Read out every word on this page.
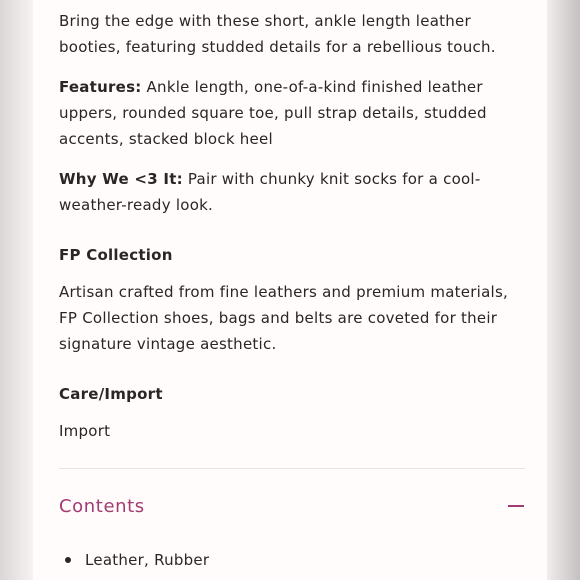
Bring the edge with these short, ankle length leather booties, featuring studded details for a rebellious touch.

Features: Ankle length, one-of-a-kind finished leather uppers, rounded square toe, pull strap details, studded accents, stacked block heel

Why We <3 It: Pair with chunky knit socks for a cool-weather-ready look.

FP Collection

Artisan crafted from fine leathers and premium materials, FP Collection shoes, bags and belts are coveted for their signature vintage aesthetic.

Care/Import

Import

Contents
Leather, Rubber
